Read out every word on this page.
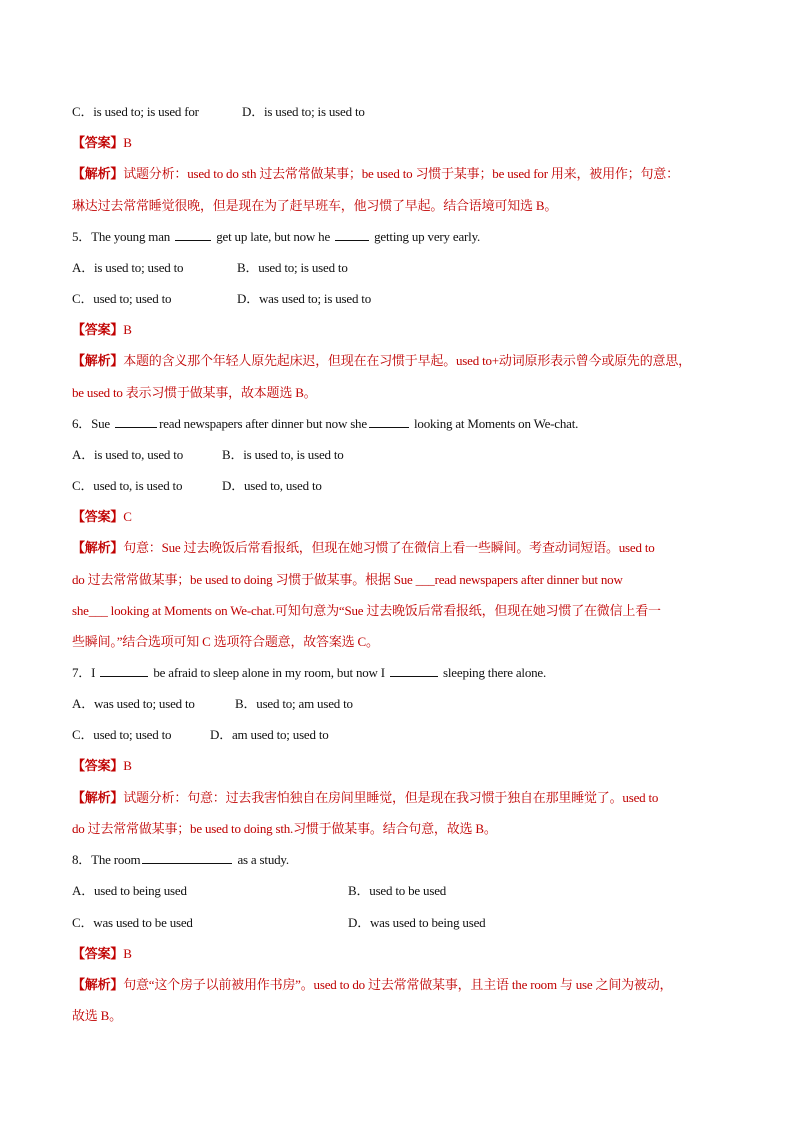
C．is used to; is used for	D．is used to; is used to
【答案】B
【解析】试题分析：used to do sth 过去常常做某事；be used to 习惯于某事；be used for 用来，被用作；句意：
琳达过去常常睡觉很晚，但是现在为了赶早班车，他习惯了早起。结合语境可知选 B。
5．The young man	get up late, but now he	getting up very early.
A．is used to; used to	B．used to; is used to
C．used to; used to	D．was used to; is used to
【答案】B
【解析】本题的含义那个年轻人原先起床迟，但现在在习惯于早起。used to+动词原形表示曾今或原先的意思，
be used to 表示习惯于做某事，故本题选 B。
6．Sue	read newspapers after dinner but now she	looking at Moments on We-chat.
A．is used to, used to	B．is used to, is used to
C．used to, is used to	D．used to, used to
【答案】C
【解析】句意：Sue 过去晚饭后常看报纸，但现在她习惯了在微信上看一些瞬间。考查动词短语。used to
do 过去常常做某事；be used to doing 习惯于做某事。根据 Sue ___read newspapers after dinner but now
she___ looking at Moments on We-chat.可知句意为“Sue 过去晚饭后常看报纸，但现在她习惯了在微信上看一
些瞬间。”结合选项可知 C 选项符合题意，故答案选 C。
7．I	be afraid to sleep alone in my room, but now I	sleeping there alone.
A．was used to; used to	B．used to; am used to
C．used to; used to	D．am used to; used to
【答案】B
【解析】试题分析：句意：过去我害怕独自在房间里睡觉，但是现在我习惯于独自在那里睡觉了。used to
do 过去常常做某事；be used to doing sth.习惯于做某事。结合句意，故选 B。
8．The room	as a study.
A．used to being used	B．used to be used
C．was used to be used	D．was used to being used
【答案】B
【解析】句意“这个房子以前被用作书房”。used to do 过去常常做某事，且主语 the room 与 use 之间为被动，
故选 B。
